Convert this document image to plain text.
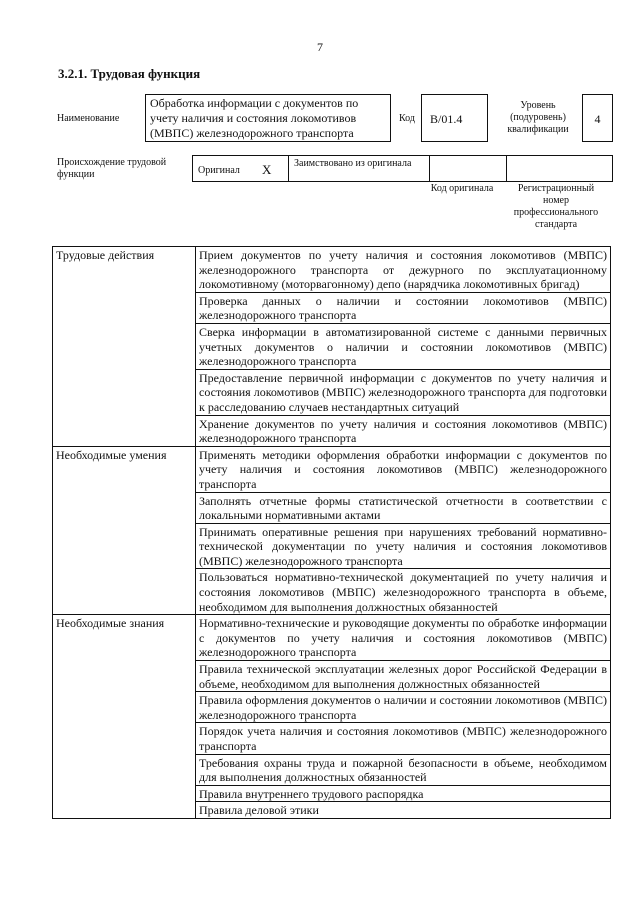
7
3.2.1. Трудовая функция
Наименование
Обработка информации с документов по учету наличия и состояния локомотивов (МВПС) железнодорожного транспорта
Код	В/01.4
Уровень (подуровень) квалификации
4
Происхождение трудовой функции	Оригинал X Заимствовано из оригинала
Код оригинала	Регистрационный номер профессионального стандарта
Трудовые действия	Прием документов по учету наличия и состояния локомотивов (МВПС) железнодорожного транспорта от дежурного по эксплуатационному локомотивному (моторвагонному) депо (нарядчика локомотивных бригад)
	Проверка данных о наличии и состоянии локомотивов (МВПС) железнодорожного транспорта
	Сверка информации в автоматизированной системе с данными первичных учетных документов о наличии и состоянии локомотивов (МВПС) железнодорожного транспорта
	Предоставление первичной информации с документов по учету наличия и состояния локомотивов (МВПС) железнодорожного транспорта для подготовки к расследованию случаев нестандартных ситуаций
	Хранение документов по учету наличия и состояния локомотивов (МВПС) железнодорожного транспорта
Необходимые умения	Применять методики оформления обработки информации с документов по учету наличия и состояния локомотивов (МВПС) железнодорожного транспорта
	Заполнять отчетные формы статистической отчетности в соответствии с локальными нормативными актами
	Принимать оперативные решения при нарушениях требований нормативно-технической документации по учету наличия и состояния локомотивов (МВПС) железнодорожного транспорта
	Пользоваться нормативно-технической документацией по учету наличия и состояния локомотивов (МВПС) железнодорожного транспорта в объеме, необходимом для выполнения должностных обязанностей
Необходимые знания	Нормативно-технические и руководящие документы по обработке информации с документов по учету наличия и состояния локомотивов (МВПС) железнодорожного транспорта
	Правила технической эксплуатации железных дорог Российской Федерации в объеме, необходимом для выполнения должностных обязанностей
	Правила оформления документов о наличии и состоянии локомотивов (МВПС) железнодорожного транспорта
	Порядок учета наличия и состояния локомотивов (МВПС) железнодорожного транспорта
	Требования охраны труда и пожарной безопасности в объеме, необходимом для выполнения должностных обязанностей
	Правила внутреннего трудового распорядка
	Правила деловой этики
